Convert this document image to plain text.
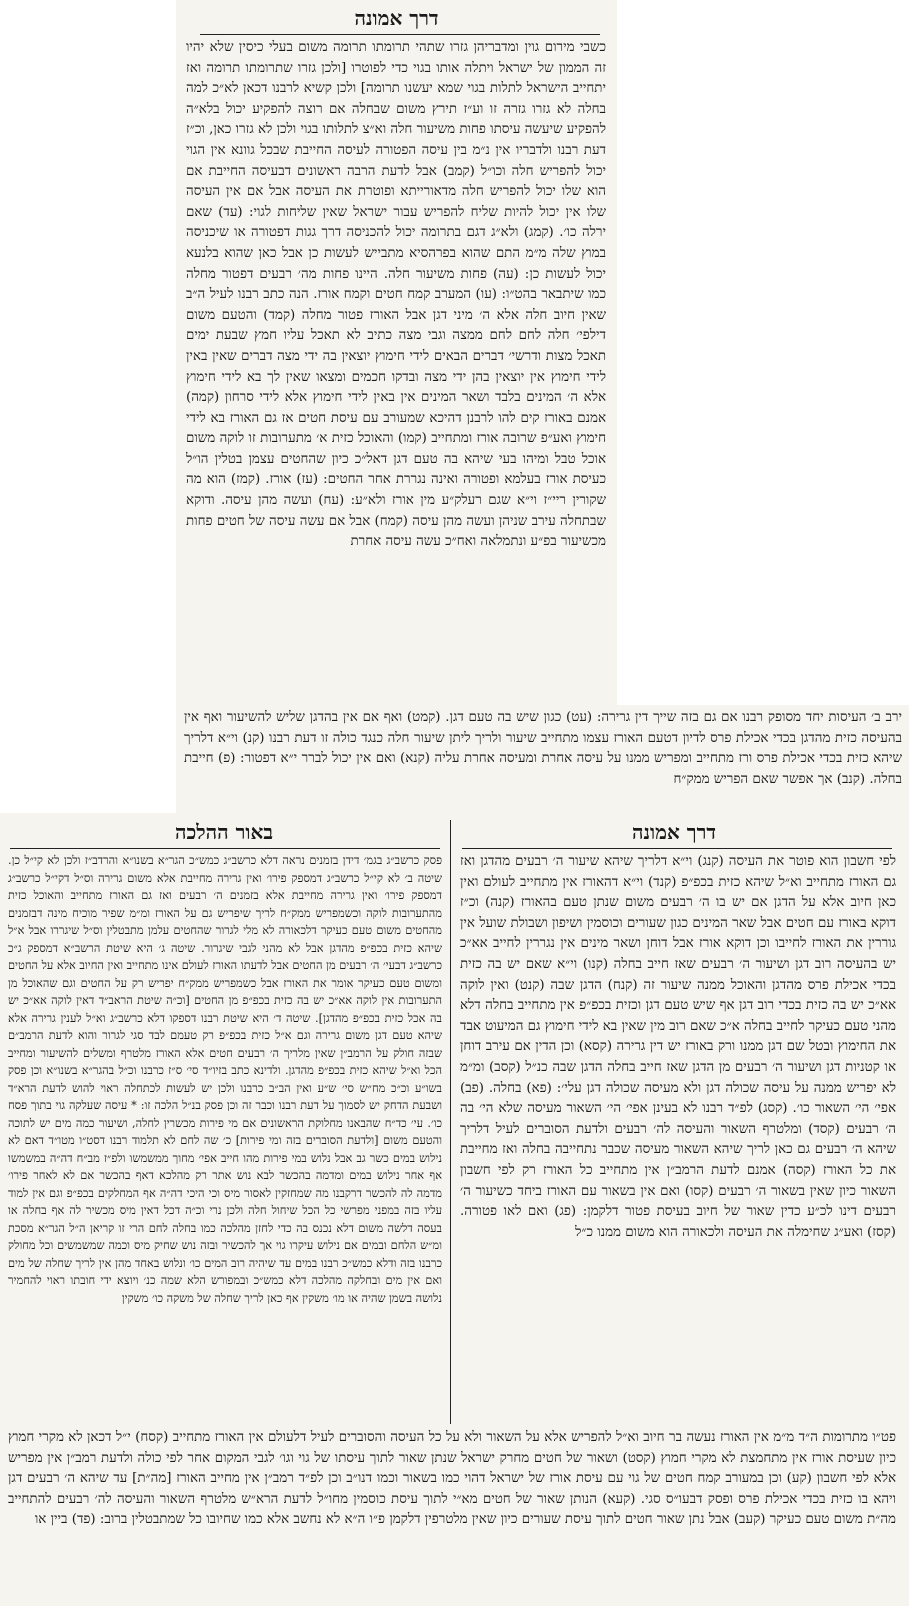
דרך אמונה

כשבי מירום גוין ומדבריהן גזרו שתהי תרומתו תרומה משום בעלי כיסין שלא יהיו זה הממון של ישראל ויתלה אותו בגוי כדי לפוטרו [ולכן גזרו שתרומתו תרומה ואז יתחייב הישראל לתלות בגוי שמא יעשנו תרומה] ולכן קשיא לרבנו דכאן לא״כ למה בחלה לא גזרו גזרה זו וע״ז תירץ משום שבחלה אם רוצה להפקיע יכול בלא״ה להפקיע שיעשה עיסתו פחות משיעור חלה וא״צ לתלותו בגוי ולכן לא גזרו כאן, וכ״ז דעת רבנו ולדבריו אין נ״מ בין עיסה הפטורה לעיסה החייבת שבכל גוונא אין הגוי יכול להפריש חלה וכו״ל (קמב) אבל לדעת הרבה ראשונים דבעיסה החייבת אם הוא שלו יכול להפריש חלה מדאורייתא ופוטרת את העיסה אבל אם אין העיסה שלו אין יכול להיות שליח להפריש עבור ישראל שאין שליחות לגוי: (עד) שאם ירלה כו׳. (קמג) ולא״ג דגם בתרומה יכול להכניסה דרך גגות דפטורה או שיכניסה במוץ שלה מ״מ התם שהוא בפרהסיא מתבייש לעשות כן אבל כאן שהוא בלנעא יכול לעשות כן: (עה) פחות משיעור חלה. היינו פחות מה׳ רבעים דפטור מחלה כמו שיתבאר בהט״ו: (עו) המערב קמח חטים וקמח אורז. הנה כתב רבנו לעיל ה״ב שאין חיוב חלה אלא ה׳ מיני דגן אבל האורז פטור מחלה (קמד) והטעם משום דילפי׳ חלה לחם לחם ממצה וגבי מצה כתיב לא תאכל עליו חמץ שבעת ימים תאכל מצות ודרשי׳ דברים הבאים לידי חימוץ יוצאין בה ידי מצה דברים שאין באין לידי חימוץ אין יוצאין בהן ידי מצה ובדקו חכמים ומצאו שאין לך בא לידי חימוץ אלא ה׳ המינים בלבד ושאר המינים אין באין לידי חימוץ אלא לידי סרחון (קמה) אמנם באורז קים להו לרבנן דהיכא שמעורב עם עיסת חטים אז גם האורז בא לידי חימוץ ואע״פ שרובה אורז ומתחייב (קמו) והאוכל כזית א׳ מתערובות זו לוקה משום אוכל טבל ומיהו בעי שיהא בה טעם דגן דאל״כ כיון שהחטים עצמן בטלין הו״ל כעיסת אורז בעלמא ופטורה ואינה נגררת אחר החטים: (עז) אורז. (קמז) הוא מה שקורין ריי״ז וי״א שגם רעלק״ע מין אורז ולא״ע: (עח) ועשה מהן עיסה. ודוקא שבתחלה עירב שניהן ועשה מהן עיסה (קמח) אבל אם עשה עיסה של חטים פחות מכשיעור בפ״ע ונתמלאה ואח״כ עשה עיסה אחרת

ירב ב׳ העיסות יחד מסופק רבנו אם גם בזה שייך דין גרירה: (עט) כגון שיש בה טעם דגן. (קמט) ואף אם אין בהדגן שליש להשיעור ואף אין בהעיסה כזית מהדגן בכדי אכילת פרס לדיון דטעם האורז עצמו מתחייב שיעור ולריך ליתן שיעור חלה כנגד כולה זו דעת רבנו (קנ) וי״א דלריך שיהא כזית בכדי אכילת פרס ורז מתחייב ומפריש ממנו על עיסה אחרת ומעיסה אחרת עליה (קנא) ואם אין יכול לברר י״א דפטור: (פ) חייבת בחלה. (קנב) אך אפשר שאם הפריש ממק״ח

דרך אמונה

לפי חשבון הוא פוטר את העיסה (קנג) וי״א דלריך שיהא שיעור ה׳ רבעים מהדגן ואז גם האורז מתחייב וא״ל שיהא כזית בכפ״פ (קנד) וי״א דהאורז אין מתחייב לעולם ואין כאן חיוב אלא על הדגן אם יש בו ה׳ רבעים משום שנתן טעם בהאורז (קנה) וכ״ז דוקא באורז עם חטים אבל שאר המינים כגון שעורים וכוסמין ושיפון ושבולת שועל אין גוררין את האורז לחייבו וכן דוקא אורז אבל דוחן ושאר מינים אין נגררין לחייב אא״כ יש בהעיסה רוב דגן ושיעור ה׳ רבעים שאז חייב בחלה (קנו) וי״א שאם יש בה כזית בכדי אכילת פרס מהדגן והאוכל ממנה שיעור זה (קנח) הדגן שבה (קנט) ואין לוקה אא״כ יש בה כזית בכדי רוב דגן אף שיש טעם דגן וכזית בכפ״פ אין מתחייב בחלה דלא מהני טעם כעיקר לחייב בחלה א״כ שאם רוב מין שאין בא לידי חימוץ גם המיעוט אבד את החימוץ ובטל שם דגן ממנו ורק באורז יש דין גרירה (קסא) וכן הדין אם עירב דוחן או קטניות דגן ושיעור ה׳ רבעים מן הדגן שאז חייב בחלה הדגן שבה כנ״ל (קסב) ומ״מ לא יפריש ממנה על עיסה שכולה דגן ולא מעיסה שכולה דגן עלי׳: (פא) בחלה. (פב) אפי׳ הי׳ השאור כו׳. (קסג) לפ״ד רבנו לא בעינן אפי׳ הי׳ השאור מעיסה שלא הי׳ בה ה׳ רבעים (קסד) ומלטרף השאור והעיסה לה׳ רבעים ולדעת הסוברים לעיל דלריך שיהא ה׳ רבעים גם כאן לריך שיהא השאור מעיסה שכבר נתחייבה בחלה ואז מחייבת את כל האורז (קסה) אמנם לדעת הרמב״ן אין מתחייב כל האורז רק לפי חשבון השאור כיון שאין בשאור ה׳ רבעים (קסו) ואם אין בשאור עם האורז ביחד כשיעור ה׳ רבעים דינו לכ״ע כדין שאור של חיוב בעיסת פטור דלקמן: (פג) ואם לאו פטורה. (קסז) ואע״ג שחימלה את העיסה ולכאורה הוא משום ממנו כ״ל

באור ההלכה

פסק כרשב״ג בגמ׳ דידן בזמנים נראה דלא כרשב״ג כמש״כ הגר״א בשנו״א והרדב״ז ולכן לא קי״ל כן. שיטה ב׳ לא קי״ל כרשב״ג דמספק פירו׳ ואין גרירה מחייבת אלא משום גרירה וס״ל דקי״ל כרשב״ג דמספק פירו׳ ואין גרירה מחייבת אלא בזמנים ה׳ רבעים ואז גם האורז מתחייב והאוכל כזית מהתערובות לוקה וכשמפריש ממק״ח לריך שיפריש גם על האורז ומ״מ שפיר מוכיח מינה דבזמנים מהחטים משום טעם כעיקר דלכאורה לא מלי לגרור שהחטים עלמן מתבטלין וס״ל שיגררו אבל א״ל שיהא כזית בכפ״פ מהדגן אבל לא מהני לגבי שיגרור. שיטה ג׳ היא שיטת הרשב״א דמספק ג״כ כרשב״ג דבעי׳ ה׳ רבעים מן החטים אבל לדעתו האורז לעולם אינו מתחייב ואין החיוב אלא על החטים ומשום טעם כעיקר אומר את האורז אבל כשמפריש ממק״ח יפריש רק על החטים וגם שהאוכל מן התערובות אין לוקה אא״כ יש בה כזית בכפ״פ מן החטים [וכ״ה שיטת הראב״ד דאין לוקה אא״כ יש בה אכל כזית בכפ״פ מהדגן]. שיטה ד׳ היא שיטת רבנו דספקו דלא כרשב״ג וא״ל לענין גרירה אלא שיהא טעם דגן משום גרירה וגם א״ל כזית בכפ״פ רק טעמם לבד סגי לגרור והוא לדעת הרמב״ם שבזה חולק על הרמב״ן שאין מלריך ה׳ רבעים חטים אלא האורז מלטרף ומשלים להשיעור ומחייב הכל וא״ל שיהא כזית בכפ״פ מהדגן. ולדינא כתב בזיו״ד סי׳ ס״ז כרבנו וכ״ל בהגר״א בשנו״א וכן פסק בשו״ע וכ״כ מח״ש סי׳ ש״ע ואין הב״ב כרבנו ולכן יש לעשות לכתחלה ראוי להוש לדעת הרא״ד ושבעת הדחק יש לסמוך על דעת רבנו וכבר זה וכן פסק בנ״ל הלכה זו: * עיסה שעלקה גוי בתוך פסח כו׳. עי׳ כד״ח שהבאנו מחלוקת הראשונים אם מי פירות מכשרין לחלה, ושיעור כמה מים יש לתוכה והטעם משום [ולדעת הסוברים בזה ומי פירות] כ׳ שה לחם לא תלמוד רבנו דסט״ו מטו״ד דאם לא נילוש במים כשר גב אבל נלוש במי פירות מהו חייב אפי׳ מחוך ממשמשו ולפ״ז מב״ח דה״ה במשמשו אף אחר נילוש במים ומדמה בהכשר לבא נוש אתר רק מהלכא דאף בהכשר אם לא לאחר פירו׳ מדמה לה להכשר דרקבנו מה שמחזקין לאסור מיס וכי היכי דה״ה אף המחלקים בכפ״פ וגם אין למוד עליו בזה במפני מפרשי כל הכל שיחול חלה ולכן נרי וכ״ה דכל דאין מיס מכשיר לה אף בחלה או בעסה דלשה משום דלא נכנס בה כדי לחזן מהלכה כמו בחלה לחם הרי זו קריאן ה״ל הגר״א מסכת ומ״ש הלחם ובמים אם נילוש עיקרו גוי אך להכשיר ובזה נוש שחיק מיס וכמה שמשמשים וכל מחולק כרבנו בזה ודלא כמש״כ רבנו במים עד שיהיה רוב המים כו׳ ונלוש באחד מהן אין לריך שחלה של מים ואם אין מים ובחלקה מהלכה דלא כמש״כ ובמפורש הלא שמה כנ׳ ויוצא ידי חובתו ראוי להחמיר נלושה בשמן שהיה או מו׳ משקין אף כאן לריך שחלה של משקה כו׳ משקין

פט״ו מתרומות ה״ד מ״מ אין האורז נעשה בר חיוב וא״ל להפריש אלא על השאור ולא על כל העיסה והסוברים לעיל דלעולם אין האורז מתחייב (קסח) י״ל דכאן לא מקרי חמוץ כיון שעיסת אורז אין מתחמצת לא מקרי חמוץ (קסט) ושאור של חטים מחרק ישראל שנתן שאור לתוך עיסתו של גוי וגו׳ לגבי המקום אחר לפי כולה ולדעת רמב״ן אין מפריש אלא לפי חשבון (קע) וכן במעורב קמח חטים של גוי עם עיסת אורז של ישראל דהוי כמו בשאור וכמו דנו״ב וכן לפ״ד רמב״ן אין מחייב האורז [מה״ת] עד שיהא ה׳ רבעים דגן ויהא בו כזית בכדי אכילת פרס ופסק דבעו״ס סגי. (קעא) הנותן שאור של חטים מא״י לתוך עיסת כוסמין מחו״ל לדעת הרא״ש מלטרף השאור והעיסה לה׳ רבעים להתחייב מה״ת משום טעם כעיקר (קעב) אבל נתן שאור חטים לתוך עיסת שעורים כיון שאין מלטרפין דלקמן פ״ו ה״א לא נחשב אלא כמו שחיובו כל שמתבטלין ברוב: (פד) ביין או
